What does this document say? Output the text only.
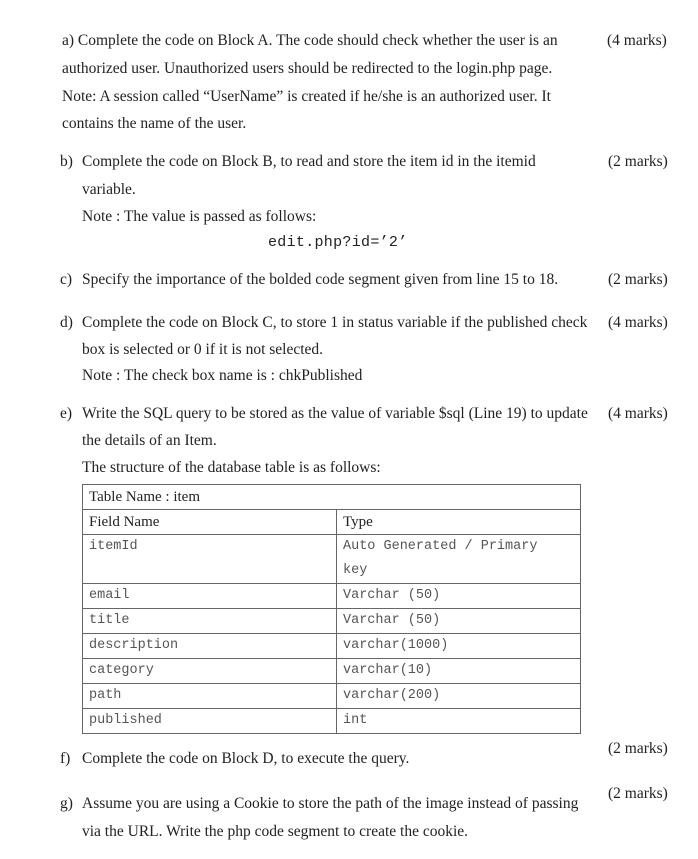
a) Complete the code on Block A. The code should check whether the user is an	(4 marks)
authorized user. Unauthorized users should be redirected to the login.php page.
Note: A session called “UserName” is created if he/she is an authorized user. It
contains the name of the user.
b) Complete the code on Block B, to read and store the item id in the itemid	(2 marks)
variable.
Note : The value is passed as follows:
edit.php?id=’2’
c) Specify the importance of the bolded code segment given from line 15 to 18.	(2 marks)
d) Complete the code on Block C, to store 1 in status variable if the published check (4 marks)
box is selected or 0 if it is not selected.
Note : The check box name is : chkPublished
e) Write the SQL query to be stored as the value of variable $sql (Line 19) to update (4 marks)
the details of an Item.
The structure of the database table is as follows:
Table Name : item	
Field Name	Type
itemId	Auto Generated / Primary key
email	Varchar (50)
title	Varchar (50)
description	varchar(1000)
category	varchar(10)
path	varchar(200)
published	int
f) Complete the code on Block D, to execute the query.
(2 marks)
g) Assume you are using a Cookie to store the path of the image instead of passing
(2 marks)
via the URL. Write the php code segment to create the cookie.
